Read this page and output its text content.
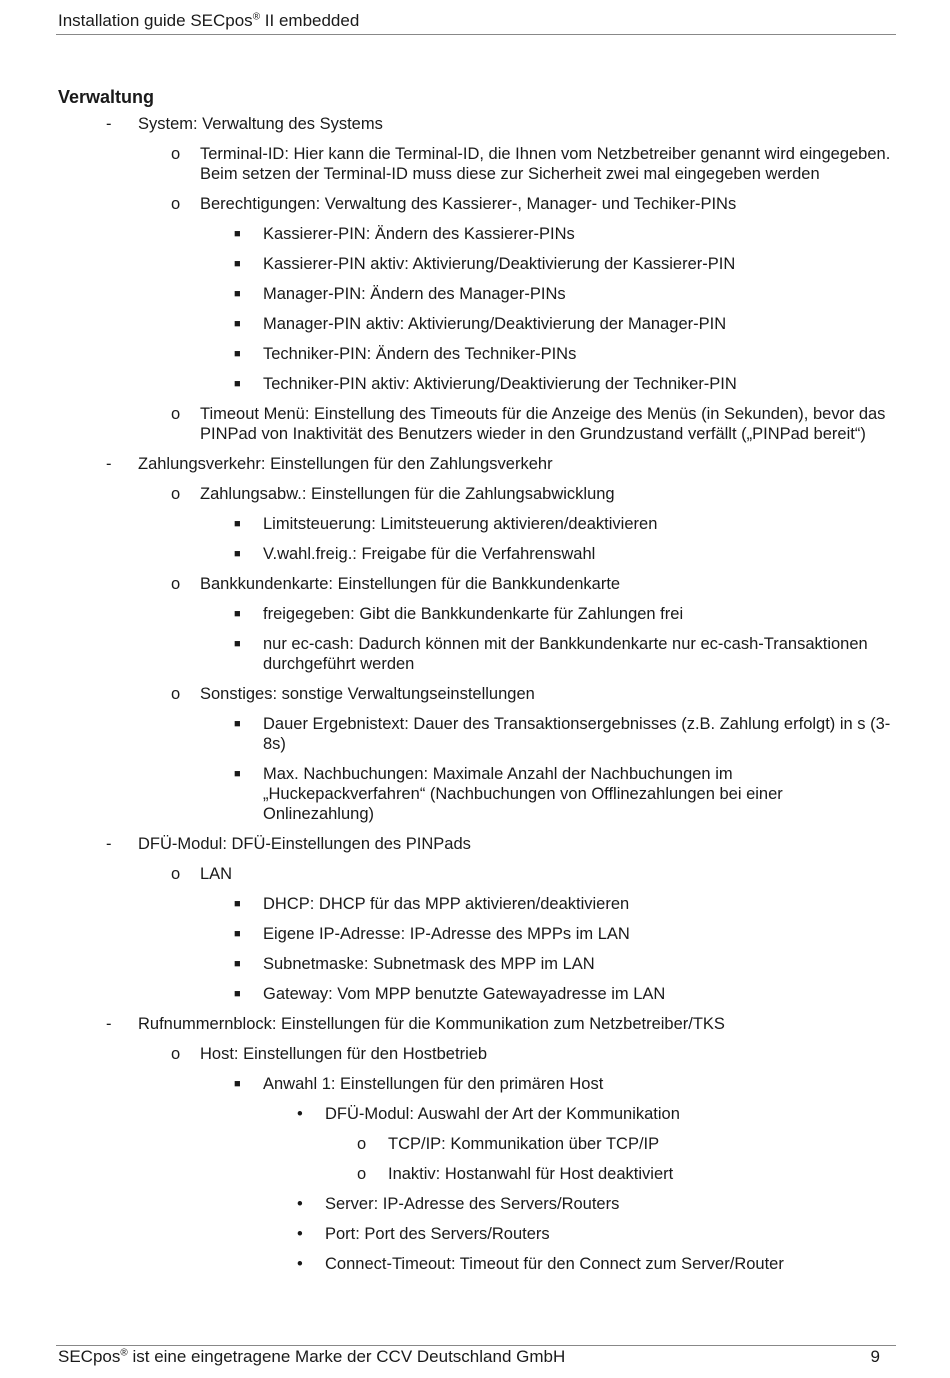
Installation guide SECpos® II embedded
Verwaltung
- System: Verwaltung des Systems
o Terminal-ID: Hier kann die Terminal-ID, die Ihnen vom Netzbetreiber genannt wird eingegeben. Beim setzen der Terminal-ID muss diese zur Sicherheit zwei mal eingegeben werden
o Berechtigungen: Verwaltung des Kassierer-, Manager- und Techiker-PINs
■ Kassierer-PIN: Ändern des Kassierer-PINs
■ Kassierer-PIN aktiv: Aktivierung/Deaktivierung der Kassierer-PIN
■ Manager-PIN: Ändern des Manager-PINs
■ Manager-PIN aktiv: Aktivierung/Deaktivierung der Manager-PIN
■ Techniker-PIN: Ändern des Techniker-PINs
■ Techniker-PIN aktiv: Aktivierung/Deaktivierung der Techniker-PIN
o Timeout Menü: Einstellung des Timeouts für die Anzeige des Menüs (in Sekunden), bevor das PINPad von Inaktivität des Benutzers wieder in den Grundzustand verfällt („PINPad bereit“)
- Zahlungsverkehr: Einstellungen für den Zahlungsverkehr
o Zahlungsabw.: Einstellungen für die Zahlungsabwicklung
■ Limitsteuerung: Limitsteuerung aktivieren/deaktivieren
■ V.wahl.freig.: Freigabe für die Verfahrenswahl
o Bankkundenkarte: Einstellungen für die Bankkundenkarte
■ freigegeben: Gibt die Bankkundenkarte für Zahlungen frei
■ nur ec-cash: Dadurch können mit der Bankkundenkarte nur ec-cash-Transaktionen durchgeführt werden
o Sonstiges: sonstige Verwaltungseinstellungen
■ Dauer Ergebnistext: Dauer des Transaktionsergebnisses (z.B. Zahlung erfolgt) in s (3-8s)
■ Max. Nachbuchungen: Maximale Anzahl der Nachbuchungen im „Huckepackverfahren“ (Nachbuchungen von Offlinezahlungen bei einer Onlinezahlung)
- DFÜ-Modul: DFÜ-Einstellungen des PINPads
o LAN
■ DHCP: DHCP für das MPP aktivieren/deaktivieren
■ Eigene IP-Adresse: IP-Adresse des MPPs im LAN
■ Subnetmaske: Subnetmask des MPP im LAN
■ Gateway: Vom MPP benutzte Gatewayadresse im LAN
- Rufnummernblock: Einstellungen für die Kommunikation zum Netzbetreiber/TKS
o Host: Einstellungen für den Hostbetrieb
■ Anwahl 1: Einstellungen für den primären Host
• DFÜ-Modul: Auswahl der Art der Kommunikation
o TCP/IP: Kommunikation über TCP/IP
o Inaktiv: Hostanwahl für Host deaktiviert
• Server: IP-Adresse des Servers/Routers
• Port: Port des Servers/Routers
• Connect-Timeout: Timeout für den Connect zum Server/Router
SECpos® ist eine eingetragene Marke der CCV Deutschland GmbH	9
